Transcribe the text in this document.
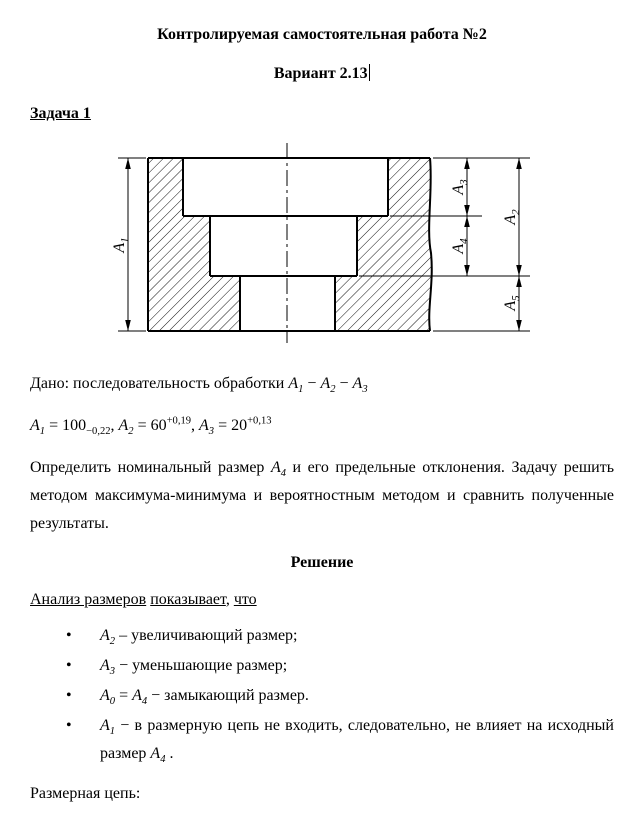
Контролируемая самостоятельная работа №2
Вариант 2.13
Задача 1
$A_1$
$A_3$
$A_4$
$A_2$
$A_5$

Дано: последовательность обработки $A_1 - A_2 - A_3$

$A_1 = 100_{-0,22}$, $A_2 = 60^{+0,19}$, $A_3 = 20^{+0,13}$

Определить номинальный размер $A_4$ и его предельные отклонения. Задачу решить методом максимума-минимума и вероятностным методом и сравнить полученные результаты.

Решение

Анализ размеров показывает, что

• $A_2$ – увеличивающий размер;
• $A_3$ − уменьшающие размер;
• $A_0 = A_4$ − замыкающий размер.
• $A_1 - в$ размерную цепь не входить, следовательно, не влияет на исходный размер $A_4$ .

Размерная цепь:
